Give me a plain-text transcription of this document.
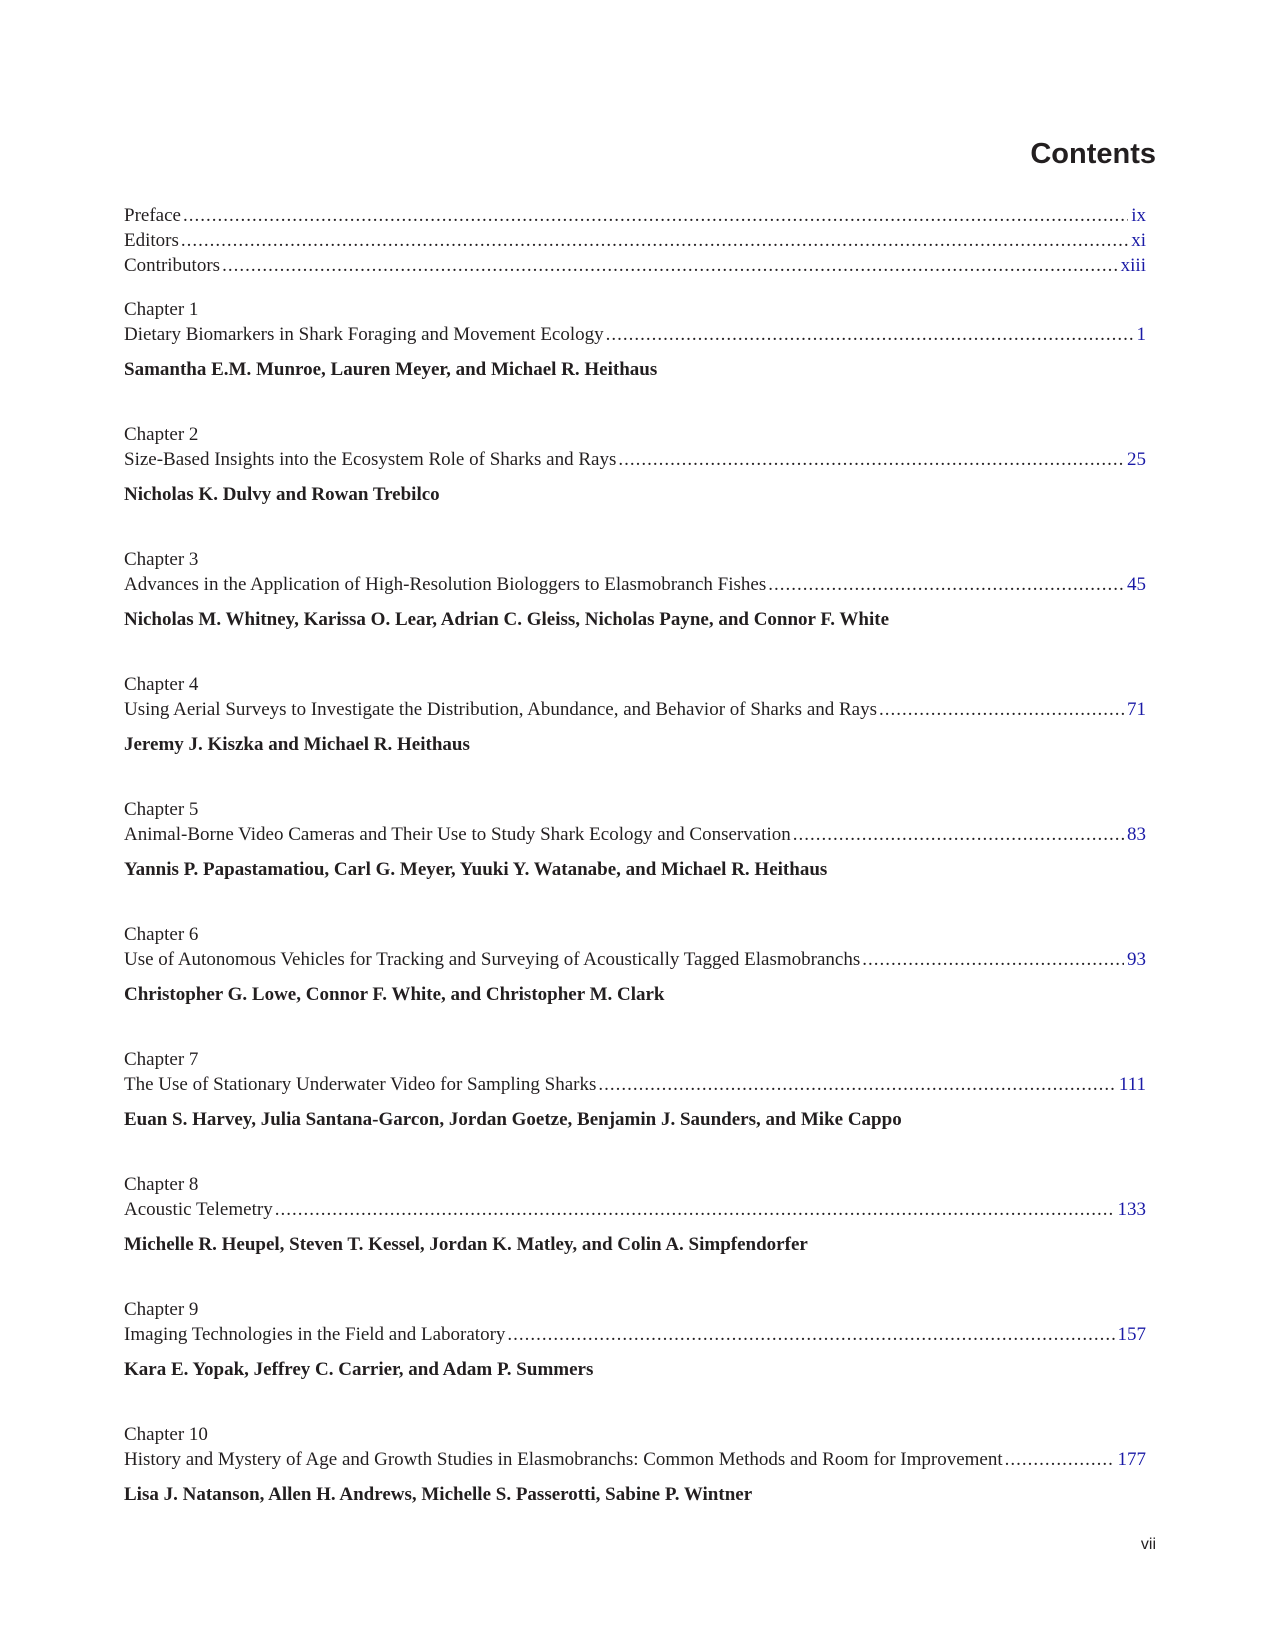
Contents
Preface .....	ix
Editors .....	xi
Contributors .....	xiii
Chapter 1
Dietary Biomarkers in Shark Foraging and Movement Ecology .....	1
Samantha E.M. Munroe, Lauren Meyer, and Michael R. Heithaus
Chapter 2
Size-Based Insights into the Ecosystem Role of Sharks and Rays .....	25
Nicholas K. Dulvy and Rowan Trebilco
Chapter 3
Advances in the Application of High-Resolution Biologgers to Elasmobranch Fishes .....	45
Nicholas M. Whitney, Karissa O. Lear, Adrian C. Gleiss, Nicholas Payne, and Connor F. White
Chapter 4
Using Aerial Surveys to Investigate the Distribution, Abundance, and Behavior of Sharks and Rays .....	71
Jeremy J. Kiszka and Michael R. Heithaus
Chapter 5
Animal-Borne Video Cameras and Their Use to Study Shark Ecology and Conservation .....	83
Yannis P. Papastamatiou, Carl G. Meyer, Yuuki Y. Watanabe, and Michael R. Heithaus
Chapter 6
Use of Autonomous Vehicles for Tracking and Surveying of Acoustically Tagged Elasmobranchs .....	93
Christopher G. Lowe, Connor F. White, and Christopher M. Clark
Chapter 7
The Use of Stationary Underwater Video for Sampling Sharks .....	111
Euan S. Harvey, Julia Santana-Garcon, Jordan Goetze, Benjamin J. Saunders, and Mike Cappo
Chapter 8
Acoustic Telemetry .....	133
Michelle R. Heupel, Steven T. Kessel, Jordan K. Matley, and Colin A. Simpfendorfer
Chapter 9
Imaging Technologies in the Field and Laboratory .....	157
Kara E. Yopak, Jeffrey C. Carrier, and Adam P. Summers
Chapter 10
History and Mystery of Age and Growth Studies in Elasmobranchs: Common Methods and Room for Improvement .....	177
Lisa J. Natanson, Allen H. Andrews, Michelle S. Passerotti, Sabine P. Wintner
vii
